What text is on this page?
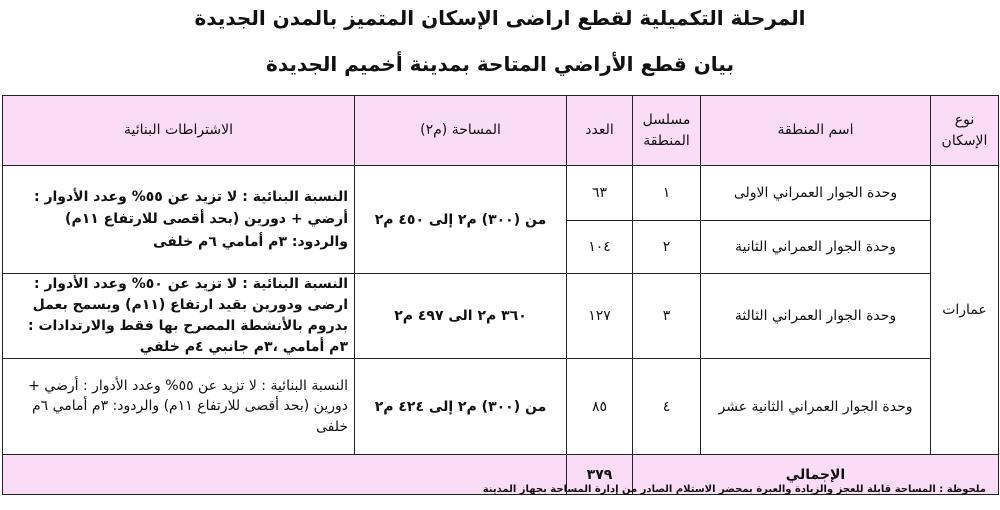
المرحلة التكميلية لقطع اراضى الإسكان المتميز بالمدن الجديدة
بيان قطع الأراضي المتاحة بمدينة أخميم الجديدة
نوع الإسكان	اسم المنطقة	مسلسل المنطقة	العدد	المساحة (م٢)	الاشتراطات البنائية
عمارات	وحدة الجوار العمراني الاولى	١	٦٣	من (٣٠٠) م٢ إلى ٤٥٠ م٢	النسبة البنائية : لا تزيد عن ٥٥% وعدد الأدوار : أرضي + دورين (بحد أقصى للارتفاع ١١م) والردود: ٣م أمامي ٦م خلفى
	وحدة الجوار العمراني الثانية	٢	١٠٤		
	وحدة الجوار العمراني الثالثة	٣	١٢٧	٣٦٠ م٢ الى ٤٩٧ م٢	النسبة البنائية : لا تزيد عن ٥٠% وعدد الأدوار : ارضى ودورين بقيد ارتفاع (١١م) ويسمح بعمل بدروم بالأنشطة المصرح بها فقط والارتدادات : ٣م أمامي ،٣م جانبي ٤م خلفي
	وحدة الجوار العمراني الثانية عشر	٤	٨٥	من (٣٠٠) م٢ إلى ٤٢٤ م٢	النسبة البنائية : لا تزيد عن ٥٥% وعدد الأدوار : أرضي + دورين (بحد أقصى للارتفاع ١١م) والردود: ٣م أمامي ٦م خلفى
الإجمالي			٣٧٩		
ملحوظة : المساحة قابلة للعجز والزيادة والعبرة بمحضر الاستلام الصادر من إدارة المساحة بجهاز المدينة
